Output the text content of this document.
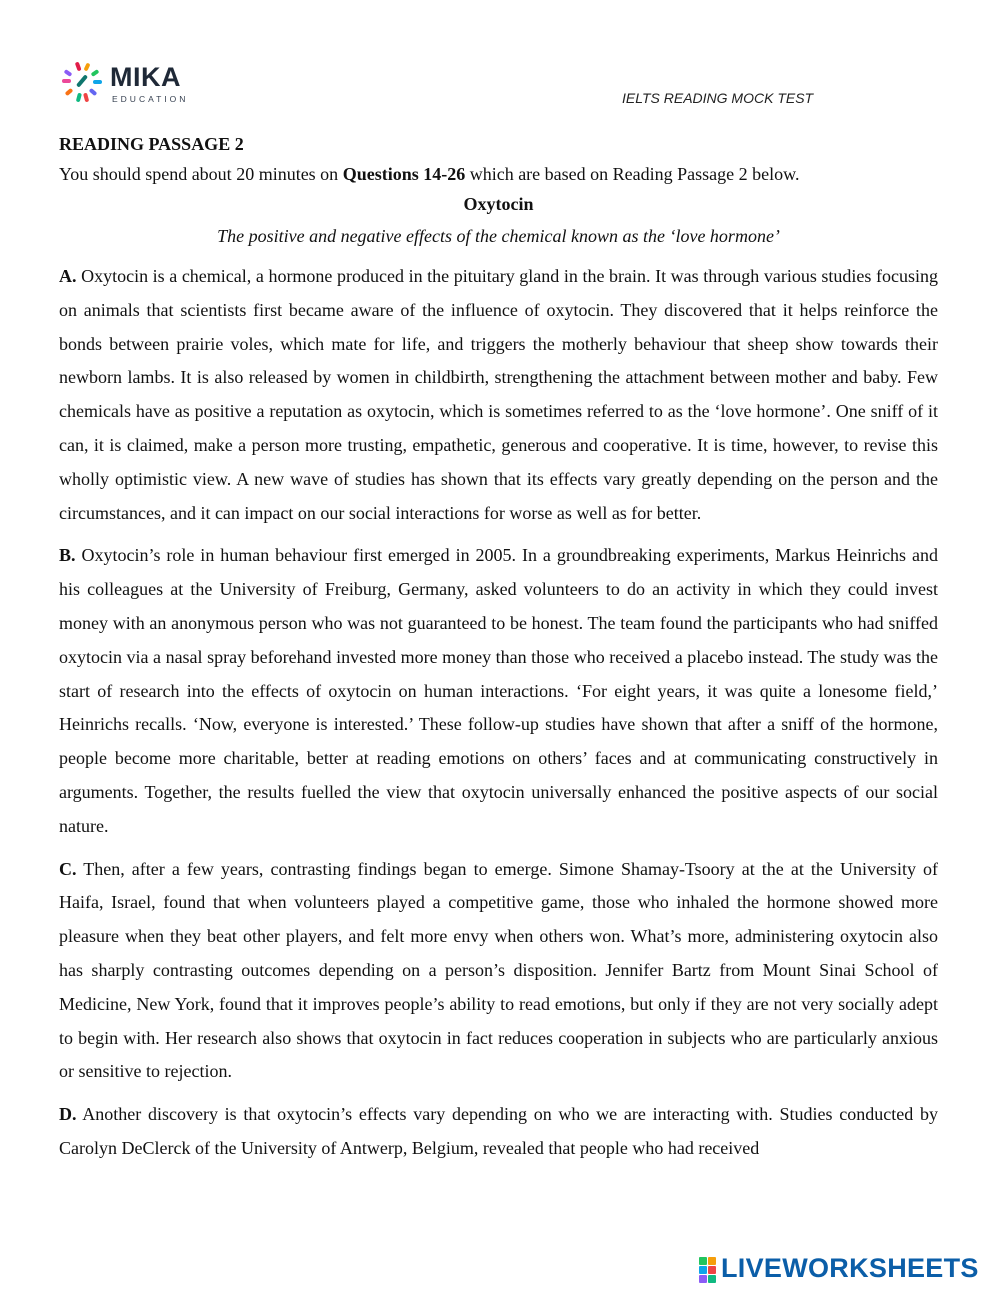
MIKA
EDUCATION	IELTS READING MOCK TEST

READING PASSAGE 2

You should spend about 20 minutes on Questions 14-26 which are based on Reading Passage 2 below.

Oxytocin

The positive and negative effects of the chemical known as the ‘love hormone’

A. Oxytocin is a chemical, a hormone produced in the pituitary gland in the brain. It was through various studies focusing on animals that scientists first became aware of the influence of oxytocin. They discovered that it helps reinforce the bonds between prairie voles, which mate for life, and triggers the motherly behaviour that sheep show towards their newborn lambs. It is also released by women in childbirth, strengthening the attachment between mother and baby. Few chemicals have as positive a reputation as oxytocin, which is sometimes referred to as the ‘love hormone’. One sniff of it can, it is claimed, make a person more trusting, empathetic, generous and cooperative. It is time, however, to revise this wholly optimistic view. A new wave of studies has shown that its effects vary greatly depending on the person and the circumstances, and it can impact on our social interactions for worse as well as for better.

B. Oxytocin’s role in human behaviour first emerged in 2005. In a groundbreaking experiments, Markus Heinrichs and his colleagues at the University of Freiburg, Germany, asked volunteers to do an activity in which they could invest money with an anonymous person who was not guaranteed to be honest. The team found the participants who had sniffed oxytocin via a nasal spray beforehand invested more money than those who received a placebo instead. The study was the start of research into the effects of oxytocin on human interactions. ‘For eight years, it was quite a lonesome field,’ Heinrichs recalls. ‘Now, everyone is interested.’ These follow-up studies have shown that after a sniff of the hormone, people become more charitable, better at reading emotions on others’ faces and at communicating constructively in arguments. Together, the results fuelled the view that oxytocin universally enhanced the positive aspects of our social nature.

C. Then, after a few years, contrasting findings began to emerge. Simone Shamay-Tsoory at the at the University of Haifa, Israel, found that when volunteers played a competitive game, those who inhaled the hormone showed more pleasure when they beat other players, and felt more envy when others won. What’s more, administering oxytocin also has sharply contrasting outcomes depending on a person’s disposition. Jennifer Bartz from Mount Sinai School of Medicine, New York, found that it improves people’s ability to read emotions, but only if they are not very socially adept to begin with. Her research also shows that oxytocin in fact reduces cooperation in subjects who are particularly anxious or sensitive to rejection.

D. Another discovery is that oxytocin’s effects vary depending on who we are interacting with. Studies conducted by Carolyn DeClerck of the University of Antwerp, Belgium, revealed that people who had received

LIVEWORKSHEETS
